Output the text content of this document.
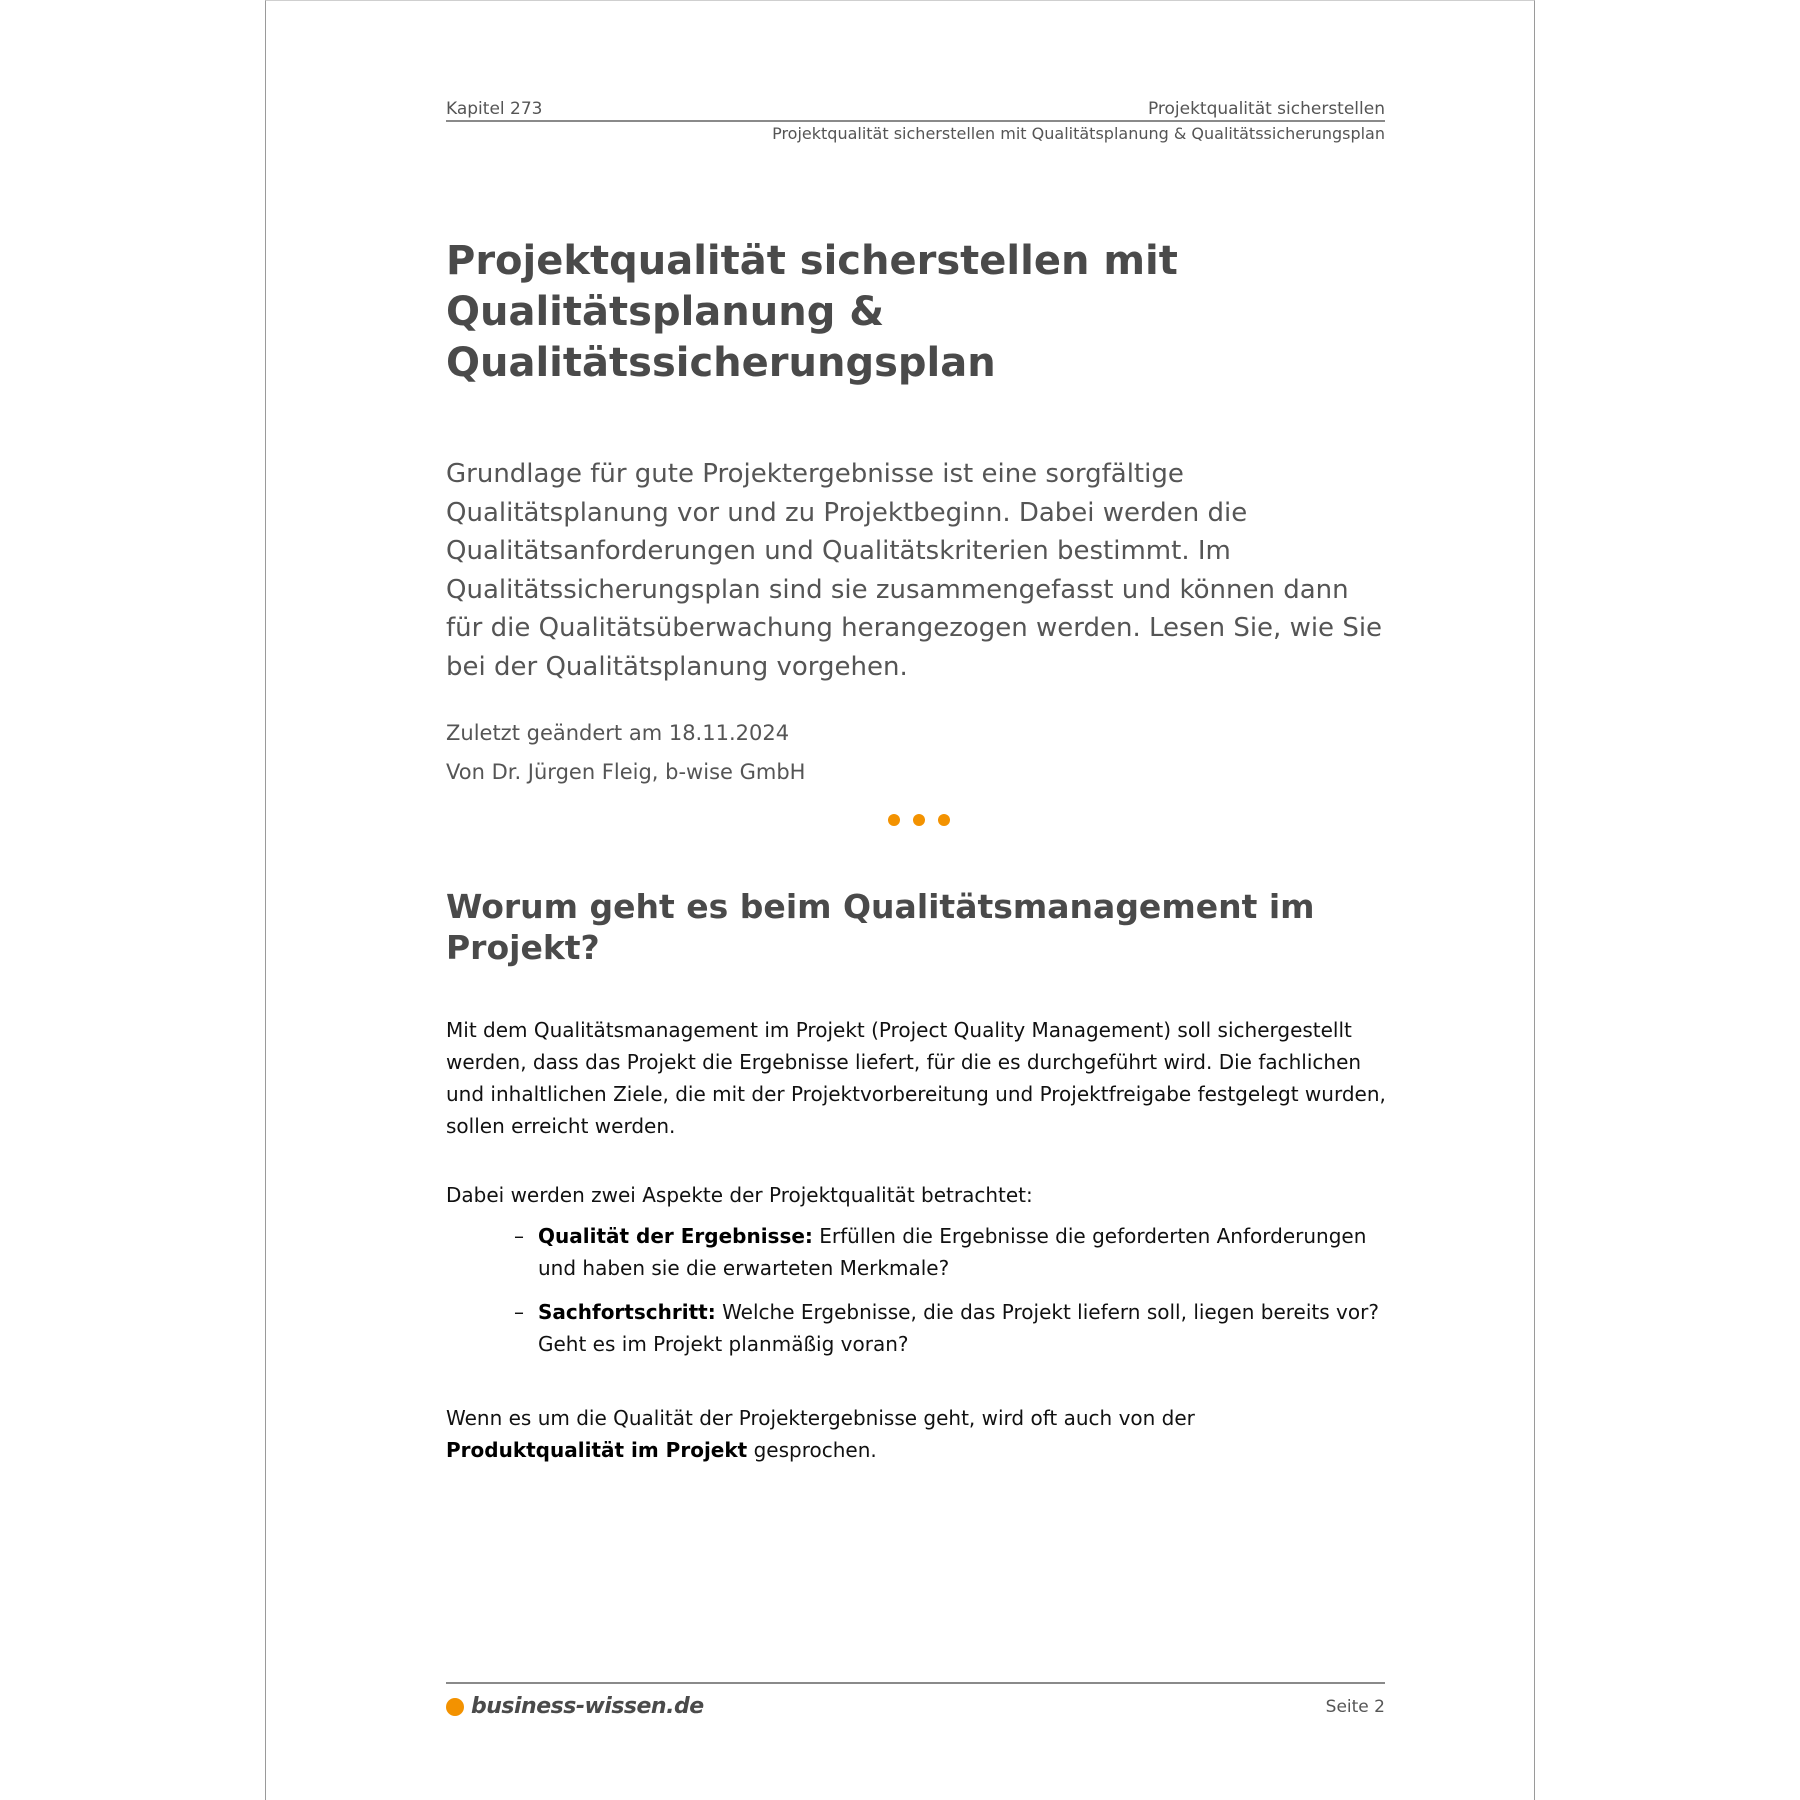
Kapitel 273	Projektqualität sicherstellen
Projektqualität sicherstellen mit Qualitätsplanung & Qualitätssicherungsplan
Projektqualität sicherstellen mit Qualitätsplanung & Qualitätssicherungsplan

Grundlage für gute Projektergebnisse ist eine sorgfältige Qualitätsplanung vor und zu Projektbeginn. Dabei werden die Qualitätsanforderungen und Qualitätskriterien bestimmt. Im Qualitätssicherungsplan sind sie zusammengefasst und können dann für die Qualitätsüberwachung herangezogen werden. Lesen Sie, wie Sie bei der Qualitätsplanung vorgehen.

Zuletzt geändert am 18.11.2024
Von Dr. Jürgen Fleig, b-wise GmbH
Worum geht es beim Qualitätsmanagement im Projekt?

Mit dem Qualitätsmanagement im Projekt (Project Quality Management) soll sichergestellt werden, dass das Projekt die Ergebnisse liefert, für die es durchgeführt wird. Die fachlichen und inhaltlichen Ziele, die mit der Projektvorbereitung und Projektfreigabe festgelegt wurden, sollen erreicht werden.

Dabei werden zwei Aspekte der Projektqualität betrachtet:

– Qualität der Ergebnisse: Erfüllen die Ergebnisse die geforderten Anforderungen und haben sie die erwarteten Merkmale?
– Sachfortschritt: Welche Ergebnisse, die das Projekt liefern soll, liegen bereits vor? Geht es im Projekt planmäßig voran?

Wenn es um die Qualität der Projektergebnisse geht, wird oft auch von der
Produktqualität im Projekt gesprochen.

business-wissen.de	Seite 2
